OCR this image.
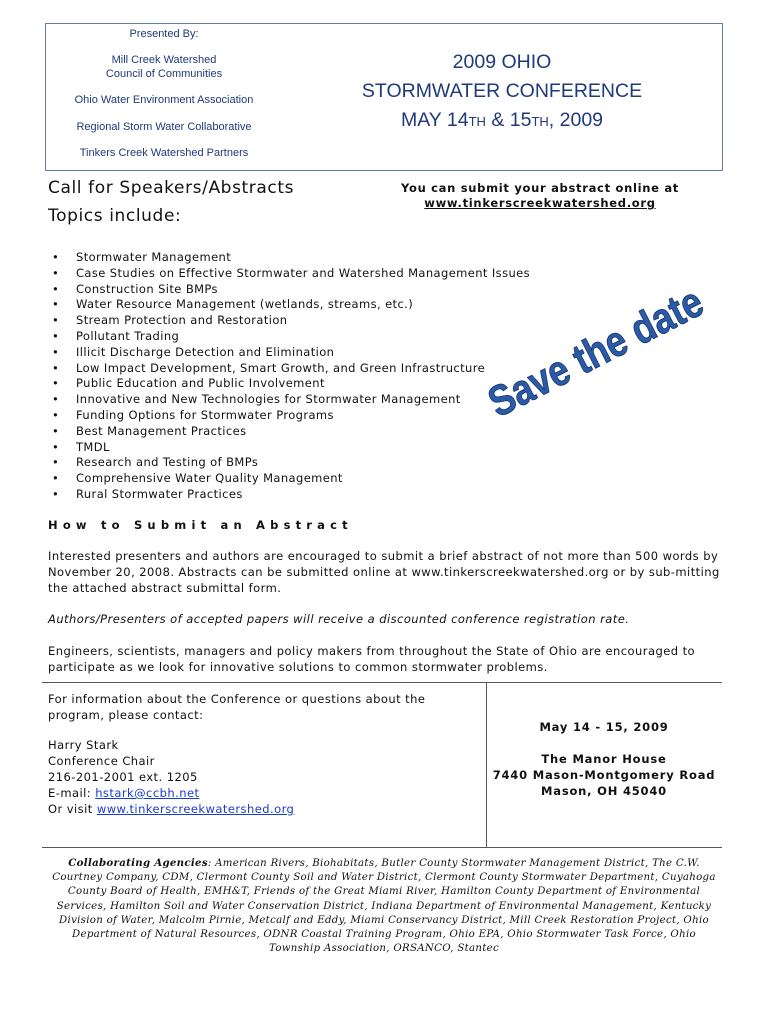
Presented By:
Mill Creek Watershed
Council of Communities
Ohio Water Environment Association
Regional Storm Water Collaborative
Tinkers Creek Watershed Partners
2009 OHIO
STORMWATER CONFERENCE
MAY 14TH & 15TH, 2009
Call for Speakers/Abstracts
Topics include:
You can submit your abstract online at
www.tinkerscreekwatershed.org
• Stormwater Management
• Case Studies on Effective Stormwater and Watershed Management Issues
• Construction Site BMPs
• Water Resource Management (wetlands, streams, etc.)
• Stream Protection and Restoration
• Pollutant Trading
• Illicit Discharge Detection and Elimination
• Low Impact Development, Smart Growth, and Green Infrastructure
• Public Education and Public Involvement
• Innovative and New Technologies for Stormwater Management
• Funding Options for Stormwater Programs
• Best Management Practices
• TMDL
• Research and Testing of BMPs
• Comprehensive Water Quality Management
• Rural Stormwater Practices
Save the date
How to Submit an Abstract
Interested presenters and authors are encouraged to submit a brief abstract of not more than 500 words by November 20, 2008. Abstracts can be submitted online at www.tinkerscreekwatershed.org or by sub-mitting the attached abstract submittal form.
Authors/Presenters of accepted papers will receive a discounted conference registration rate.
Engineers, scientists, managers and policy makers from throughout the State of Ohio are encouraged to participate as we look for innovative solutions to common stormwater problems.
For information about the Conference or questions about the program, please contact:
Harry Stark
Conference Chair
216-201-2001 ext. 1205
E-mail: hstark@ccbh.net
Or visit www.tinkerscreekwatershed.org
May 14 - 15, 2009
The Manor House
7440 Mason-Montgomery Road
Mason, OH 45040
Collaborating Agencies: American Rivers, Biohabitats, Butler County Stormwater Management District, The C.W. Courtney Company, CDM, Clermont County Soil and Water District, Clermont County Stormwater Department, Cuyahoga County Board of Health, EMH&T, Friends of the Great Miami River, Hamilton County Department of Environmental Services, Hamilton Soil and Water Conservation District, Indiana Department of Environmental Management, Kentucky Division of Water, Malcolm Pirnie, Metcalf and Eddy, Miami Conservancy District, Mill Creek Restoration Project, Ohio Department of Natural Resources, ODNR Coastal Training Program, Ohio EPA, Ohio Stormwater Task Force, Ohio Township Association, ORSANCO, Stantec
